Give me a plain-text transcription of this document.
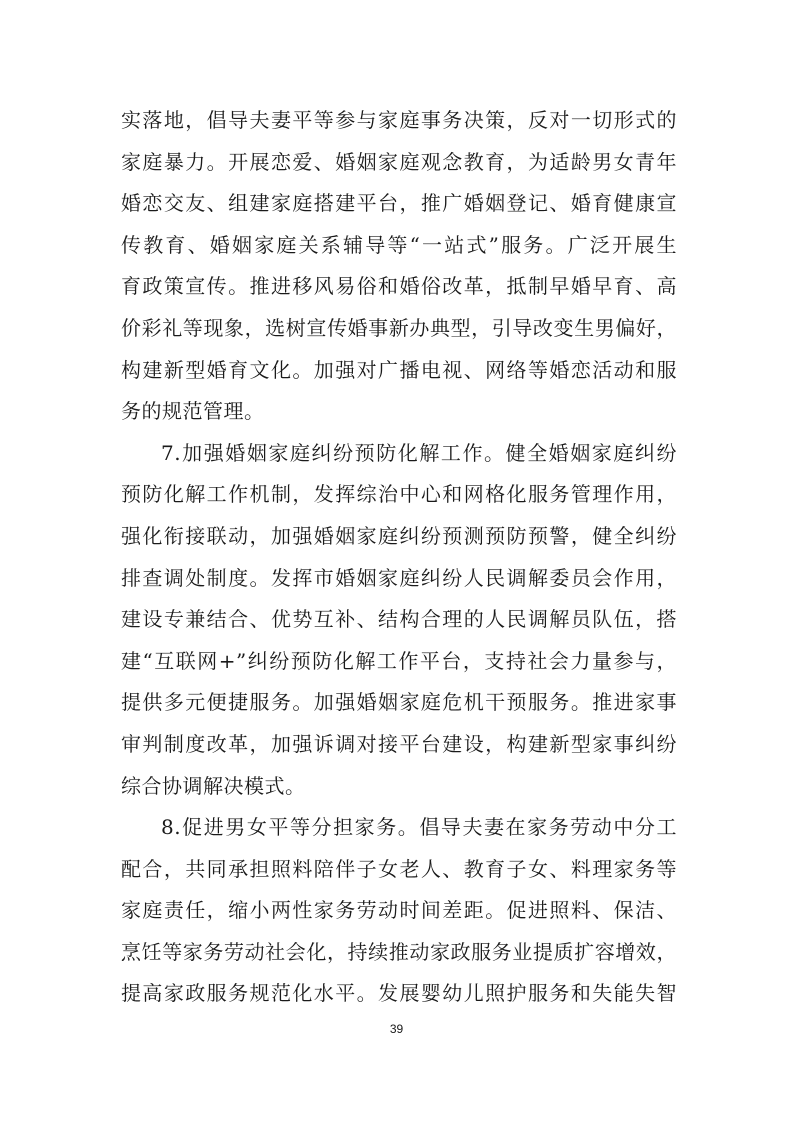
实落地，倡导夫妻平等参与家庭事务决策，反对一切形式的
家庭暴力。开展恋爱、婚姻家庭观念教育，为适龄男女青年
婚恋交友、组建家庭搭建平台，推广婚姻登记、婚育健康宣
传教育、婚姻家庭关系辅导等“一站式”服务。广泛开展生
育政策宣传。推进移风易俗和婚俗改革，抵制早婚早育、高
价彩礼等现象，选树宣传婚事新办典型，引导改变生男偏好，
构建新型婚育文化。加强对广播电视、网络等婚恋活动和服
务的规范管理。
7.加强婚姻家庭纠纷预防化解工作。健全婚姻家庭纠纷
预防化解工作机制，发挥综治中心和网格化服务管理作用，
强化衔接联动，加强婚姻家庭纠纷预测预防预警，健全纠纷
排查调处制度。发挥市婚姻家庭纠纷人民调解委员会作用，
建设专兼结合、优势互补、结构合理的人民调解员队伍，搭
建“互联网+”纠纷预防化解工作平台，支持社会力量参与，
提供多元便捷服务。加强婚姻家庭危机干预服务。推进家事
审判制度改革，加强诉调对接平台建设，构建新型家事纠纷
综合协调解决模式。
8.促进男女平等分担家务。倡导夫妻在家务劳动中分工
配合，共同承担照料陪伴子女老人、教育子女、料理家务等
家庭责任，缩小两性家务劳动时间差距。促进照料、保洁、
烹饪等家务劳动社会化，持续推动家政服务业提质扩容增效，
提高家政服务规范化水平。发展婴幼儿照护服务和失能失智
39
